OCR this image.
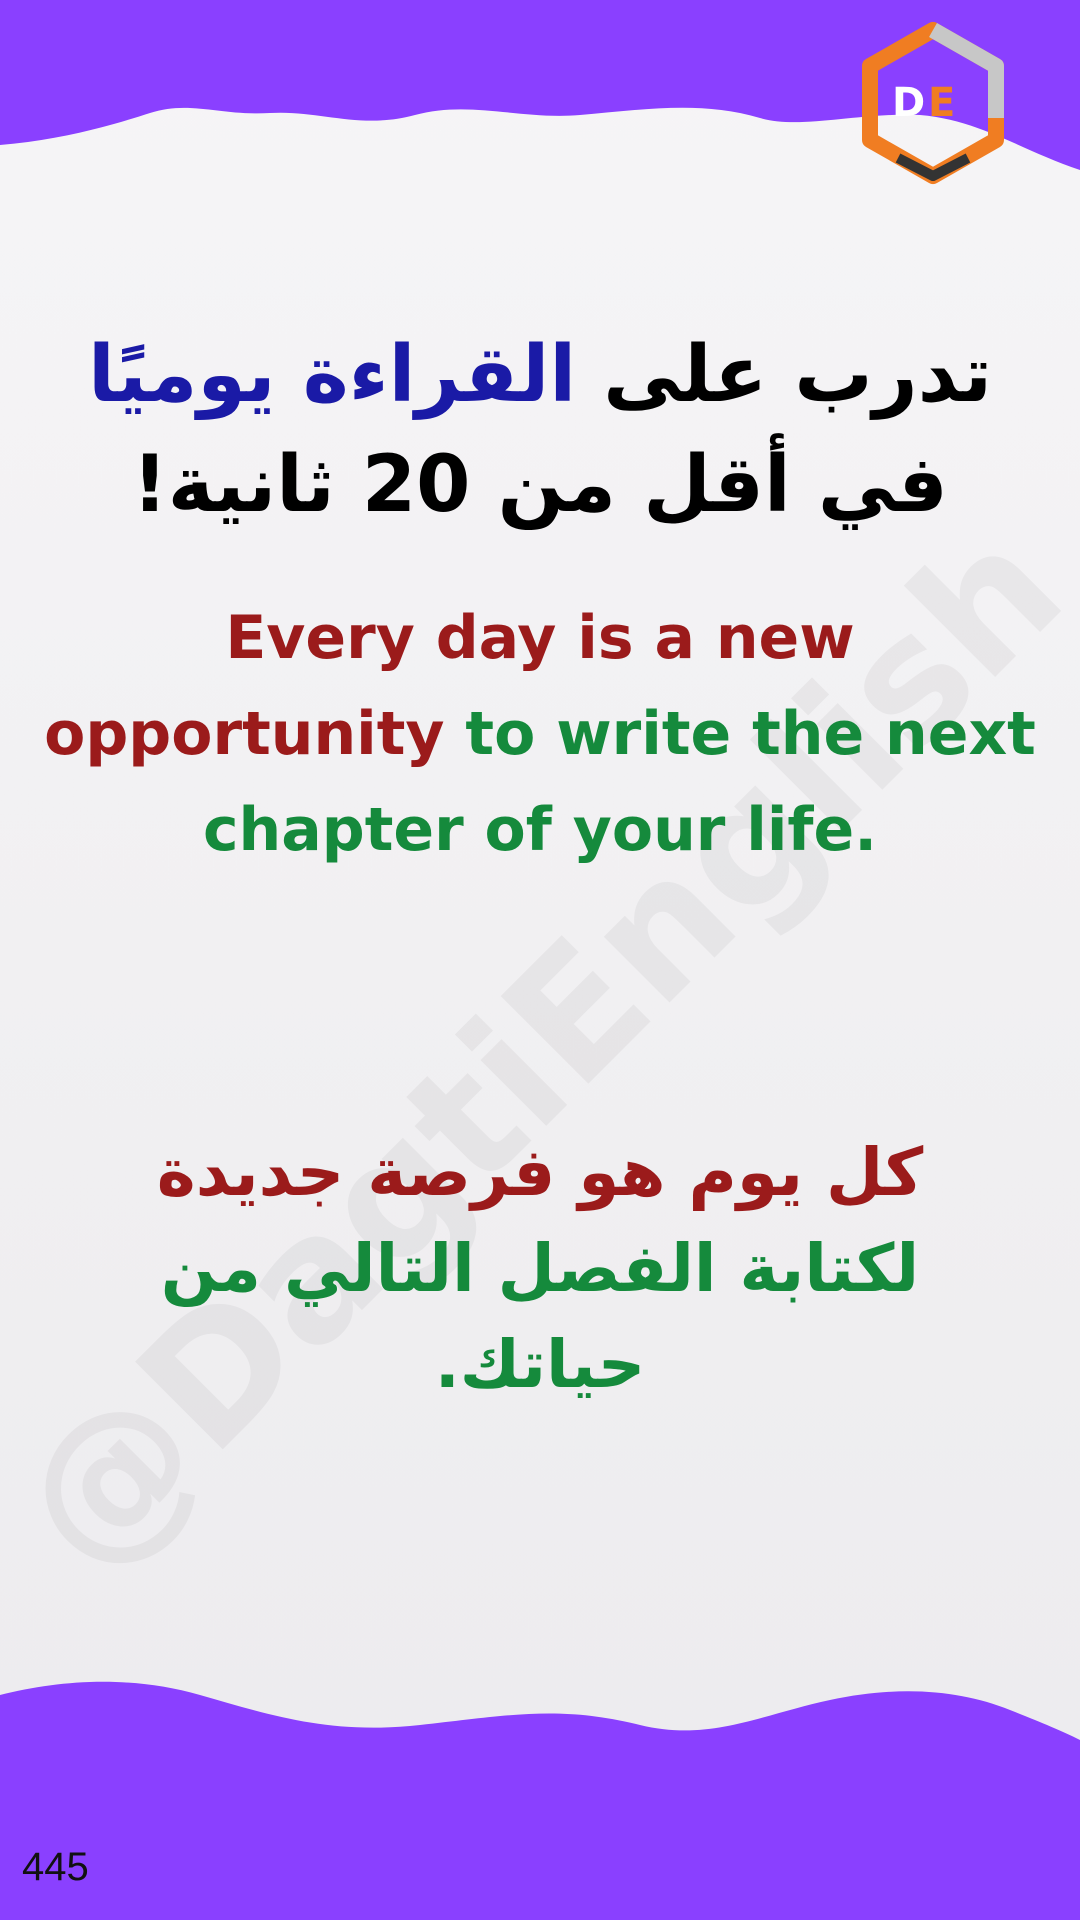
D E
تدرب على القراءة يوميًا في أقل من 20 ثانية!
Every day is a new opportunity to write the next chapter of your life.
كل يوم هو فرصة جديدة لكتابة الفصل التالي من حياتك.
445
